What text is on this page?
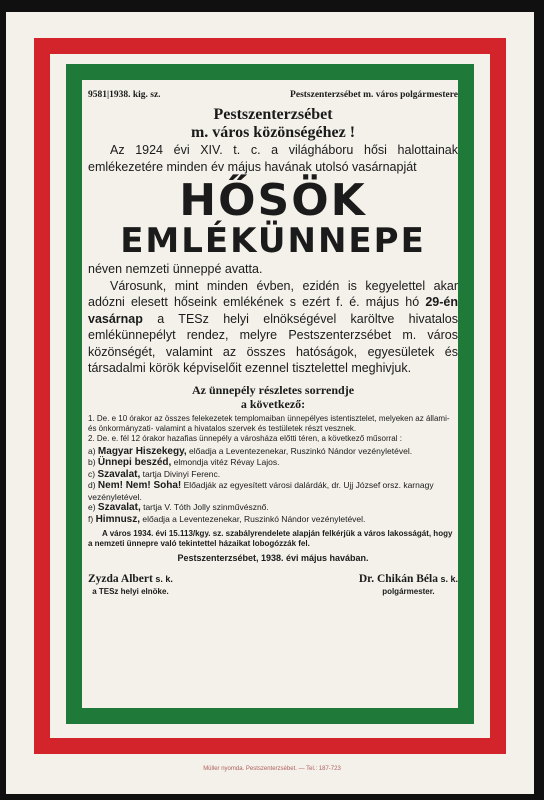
9581|1938. kig. sz.	Pestszenterzsébet m. város polgármestere
Pestszenterzsébet
m. város közönségéhez !

Az 1924 évi XIV. t. c. a világháboru hősi halottainak emlékezetére minden év május havának utolsó vasárnapját

HŐSÖK
EMLÉKÜNNEPE

néven nemzeti ünneppé avatta.

Városunk, mint minden évben, ezidén is kegyelettel akar adózni elesett hőseink emlékének s ezért f. é. május hó 29-én vasárnap a TESz helyi elnökségével karöltve hivatalos emlékünnepélyt rendez, melyre Pestszenterzsébet m. város közönségét, valamint az összes hatóságok, egyesületek és társadalmi körök képviselőit ezennel tisztelettel meghivjuk.

Az ünnepély részletes sorrendje
a következő:

1. De. e 10 órakor az összes felekezetek templomaiban ünnepélyes istentisztelet, melyeken az állami- és önkormányzati- valamint a hivatalos szervek és testületek részt vesznek.

2. De. e. fél 12 órakor hazafias ünnepély a városháza előtti téren, a következő műsorral :

a) Magyar Hiszekegy, előadja a Leventezenekar, Ruszinkó Nándor vezényletével.

b) Ünnepi beszéd, elmondja vitéz Révay Lajos.

c) Szavalat, tartja Divinyi Ferenc.

d) Nem! Nem! Soha! Előadják az egyesített városi dalárdák, dr. Ujj József orsz. karnagy vezényletével.

e) Szavalat, tartja V. Tóth Jolly szinművésznő.

f) Himnusz, előadja a Leventezenekar, Ruszinkó Nándor vezényletével.

A város 1934. évi 15.113/kgy. sz. szabályrendelete alapján felkérjük a város lakosságát, hogy a nemzeti ünnepre való tekintettel házaikat lobogózzák fel.

Pestszenterzsébet, 1938. évi május havában.
Zyzda Albert s. k.
a TESz helyi elnöke.
Dr. Chikán Béla s. k.
polgármester.
Müller nyomda. Pestszenterzsébet. — Tel.: 187-723
